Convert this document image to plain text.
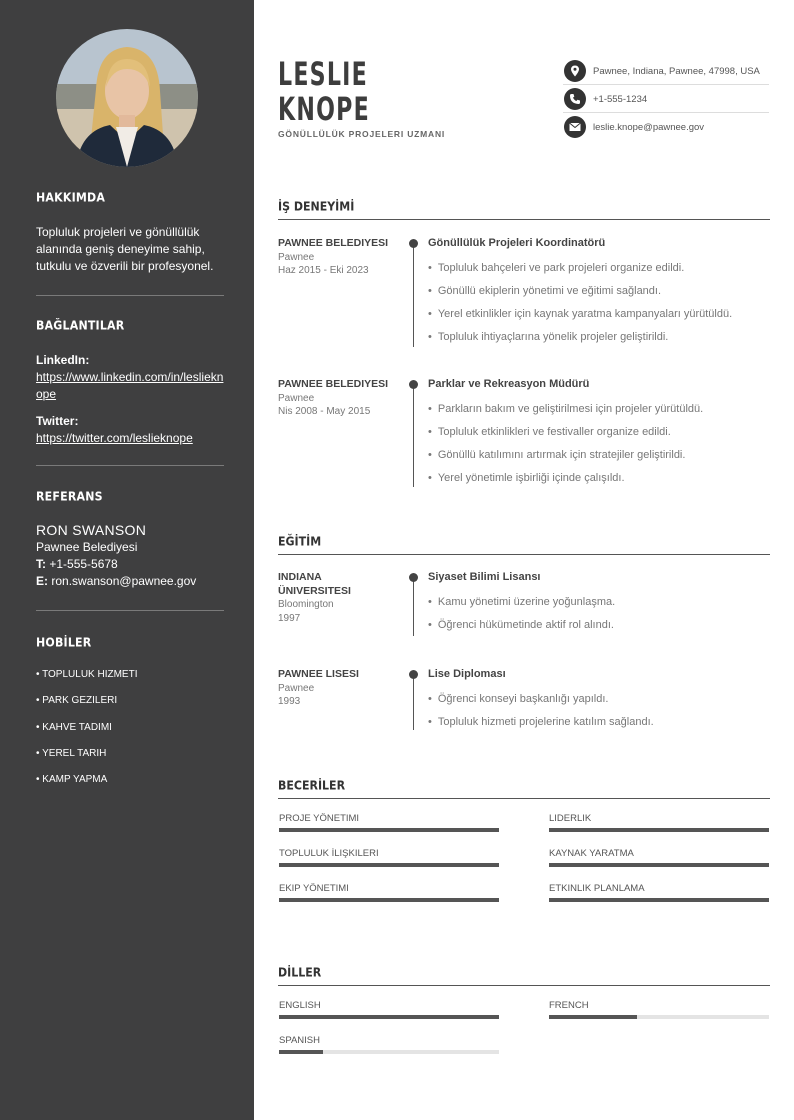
HAKKIMDA
Topluluk projeleri ve gönüllülük alanında geniş deneyime sahip, tutkulu ve özverili bir profesyonel.
BAĞLANTILAR
LinkedIn:
https://www.linkedin.com/in/leslieknope
Twitter:
https://twitter.com/leslieknope
REFERANS
RON SWANSON
Pawnee Belediyesi
T: +1-555-5678
E: ron.swanson@pawnee.gov
HOBİLER
• TOPLULUK HIZMETI
• PARK GEZILERI
• KAHVE TADIMI
• YEREL TARIH
• KAMP YAPMA
LESLIE
KNOPE
GÖNÜLLÜLÜK PROJELERI UZMANI
Pawnee, Indiana, Pawnee, 47998, USA
+1-555-1234
leslie.knope@pawnee.gov
İŞ DENEYİMİ
PAWNEE BELEDIYESI
Pawnee
Haz 2015 - Eki 2023
Gönüllülük Projeleri Koordinatörü
• Topluluk bahçeleri ve park projeleri organize edildi.
• Gönüllü ekiplerin yönetimi ve eğitimi sağlandı.
• Yerel etkinlikler için kaynak yaratma kampanyaları yürütüldü.
• Topluluk ihtiyaçlarına yönelik projeler geliştirildi.
PAWNEE BELEDIYESI
Pawnee
Nis 2008 - May 2015
Parklar ve Rekreasyon Müdürü
• Parkların bakım ve geliştirilmesi için projeler yürütüldü.
• Topluluk etkinlikleri ve festivaller organize edildi.
• Gönüllü katılımını artırmak için stratejiler geliştirildi.
• Yerel yönetimle işbirliği içinde çalışıldı.
EĞİTİM
INDIANA
ÜNIVERSITESI
Bloomington
1997
Siyaset Bilimi Lisansı
• Kamu yönetimi üzerine yoğunlaşma.
• Öğrenci hükümetinde aktif rol alındı.
PAWNEE LISESI
Pawnee
1993
Lise Diploması
• Öğrenci konseyi başkanlığı yapıldı.
• Topluluk hizmeti projelerine katılım sağlandı.
BECERİLER
PROJE YÖNETIMI	LIDERLIK
TOPLULUK İLIŞKILERI	KAYNAK YARATMA
EKIP YÖNETIMI	ETKINLIK PLANLAMA
DİLLER
ENGLISH	FRENCH
SPANISH
